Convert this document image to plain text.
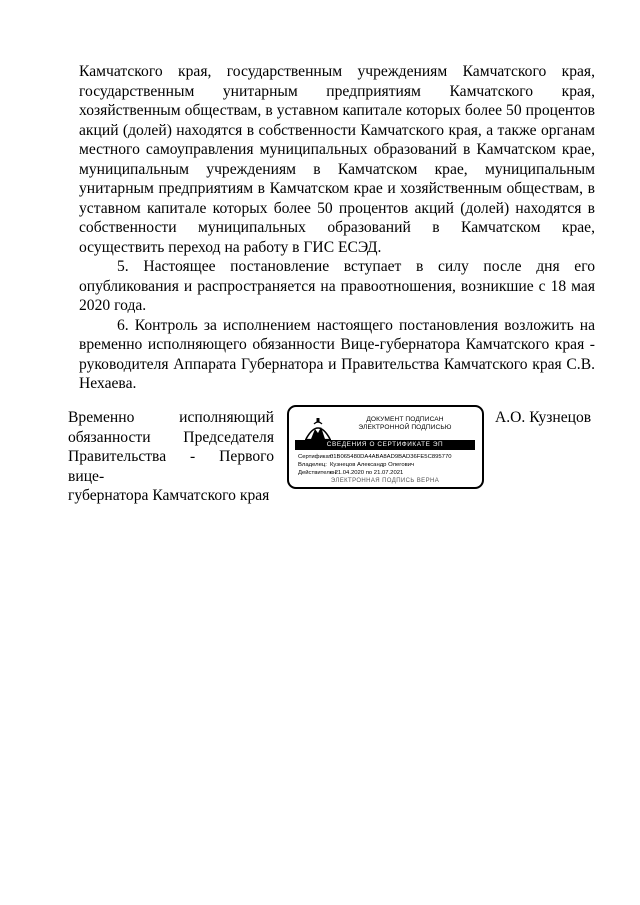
Камчатского края, государственным учреждениям Камчатского края, государственным унитарным предприятиям Камчатского края, хозяйственным обществам, в уставном капитале которых более 50 процентов акций (долей) находятся в собственности Камчатского края, а также органам местного самоуправления муниципальных образований в Камчатском крае, муниципальным учреждениям в Камчатском крае, муниципальным унитарным предприятиям в Камчатском крае и хозяйственным обществам, в уставном капитале которых более 50 процентов акций (долей) находятся в собственности муниципальных образований в Камчатском крае, осуществить переход на работу в ГИС ЕСЭД.

5. Настоящее постановление вступает в силу после дня его опубликования и распространяется на правоотношения, возникшие с 18 мая 2020 года.

6. Контроль за исполнением настоящего постановления возложить на временно исполняющего обязанности Вице-губернатора Камчатского края - руководителя Аппарата Губернатора и Правительства Камчатского края С.В. Нехаева.

Временно исполняющий
обязанности Председателя
Правительства - Первого вице-
губернатора Камчатского края
ДОКУМЕНТ ПОДПИСАН
ЭЛЕКТРОННОЙ ПОДПИСЬЮ
СВЕДЕНИЯ О СЕРТИФИКАТЕ ЭП
Сертификат:
01B065480DA4ABA8AD9BAD36FE5C895770
Владелец: Кузнецов Александр Олегович
Действителен:
с 21.04.2020 по 21.07.2021
ЭЛЕКТРОННАЯ ПОДПИСЬ ВЕРНА
А.О. Кузнецов
